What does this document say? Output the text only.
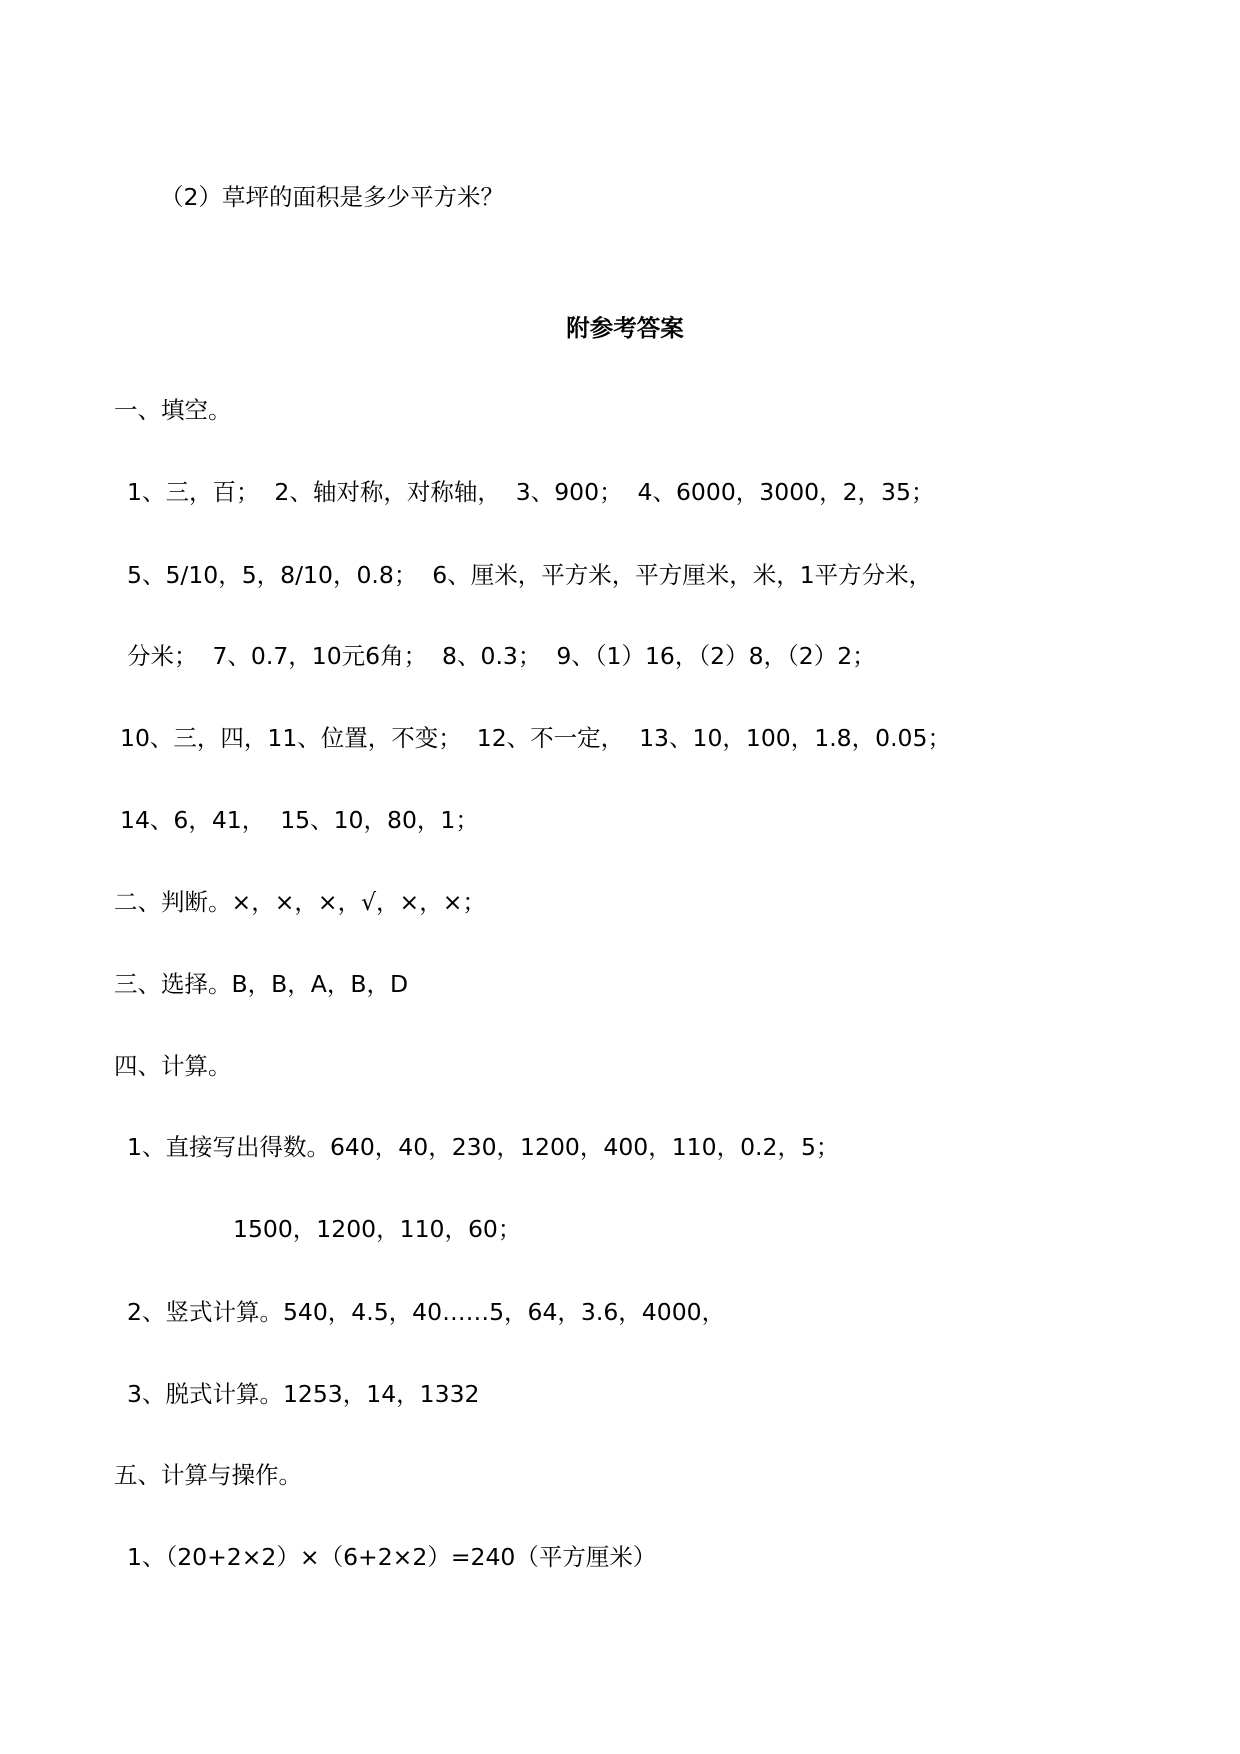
（2）草坪的面积是多少平方米？
附参考答案
一、填空。
1、三，百；  2、轴对称，对称轴，  3、900；  4、6000，3000，2，35；
5、5/10，5，8/10，0.8；  6、厘米，平方米，平方厘米，米，1平方分米，
分米；  7、0.7，10元6角；  8、0.3；  9、（1）16，（2）8，（2）2；
10、三，四，11、位置，不变；  12、不一定，  13、10，100，1.8，0.05；
14、6，41，  15、10，80，1；
二、判断。×，×，×，√，×，×；
三、选择。B，B，A，B，D
四、计算。
1、直接写出得数。640，40，230，1200，400，110，0.2，5；
1500，1200，110，60；
2、竖式计算。540，4.5，40……5，64，3.6，4000，
3、脱式计算。1253，14，1332
五、计算与操作。
1、（20+2×2）×（6+2×2）=240（平方厘米）
